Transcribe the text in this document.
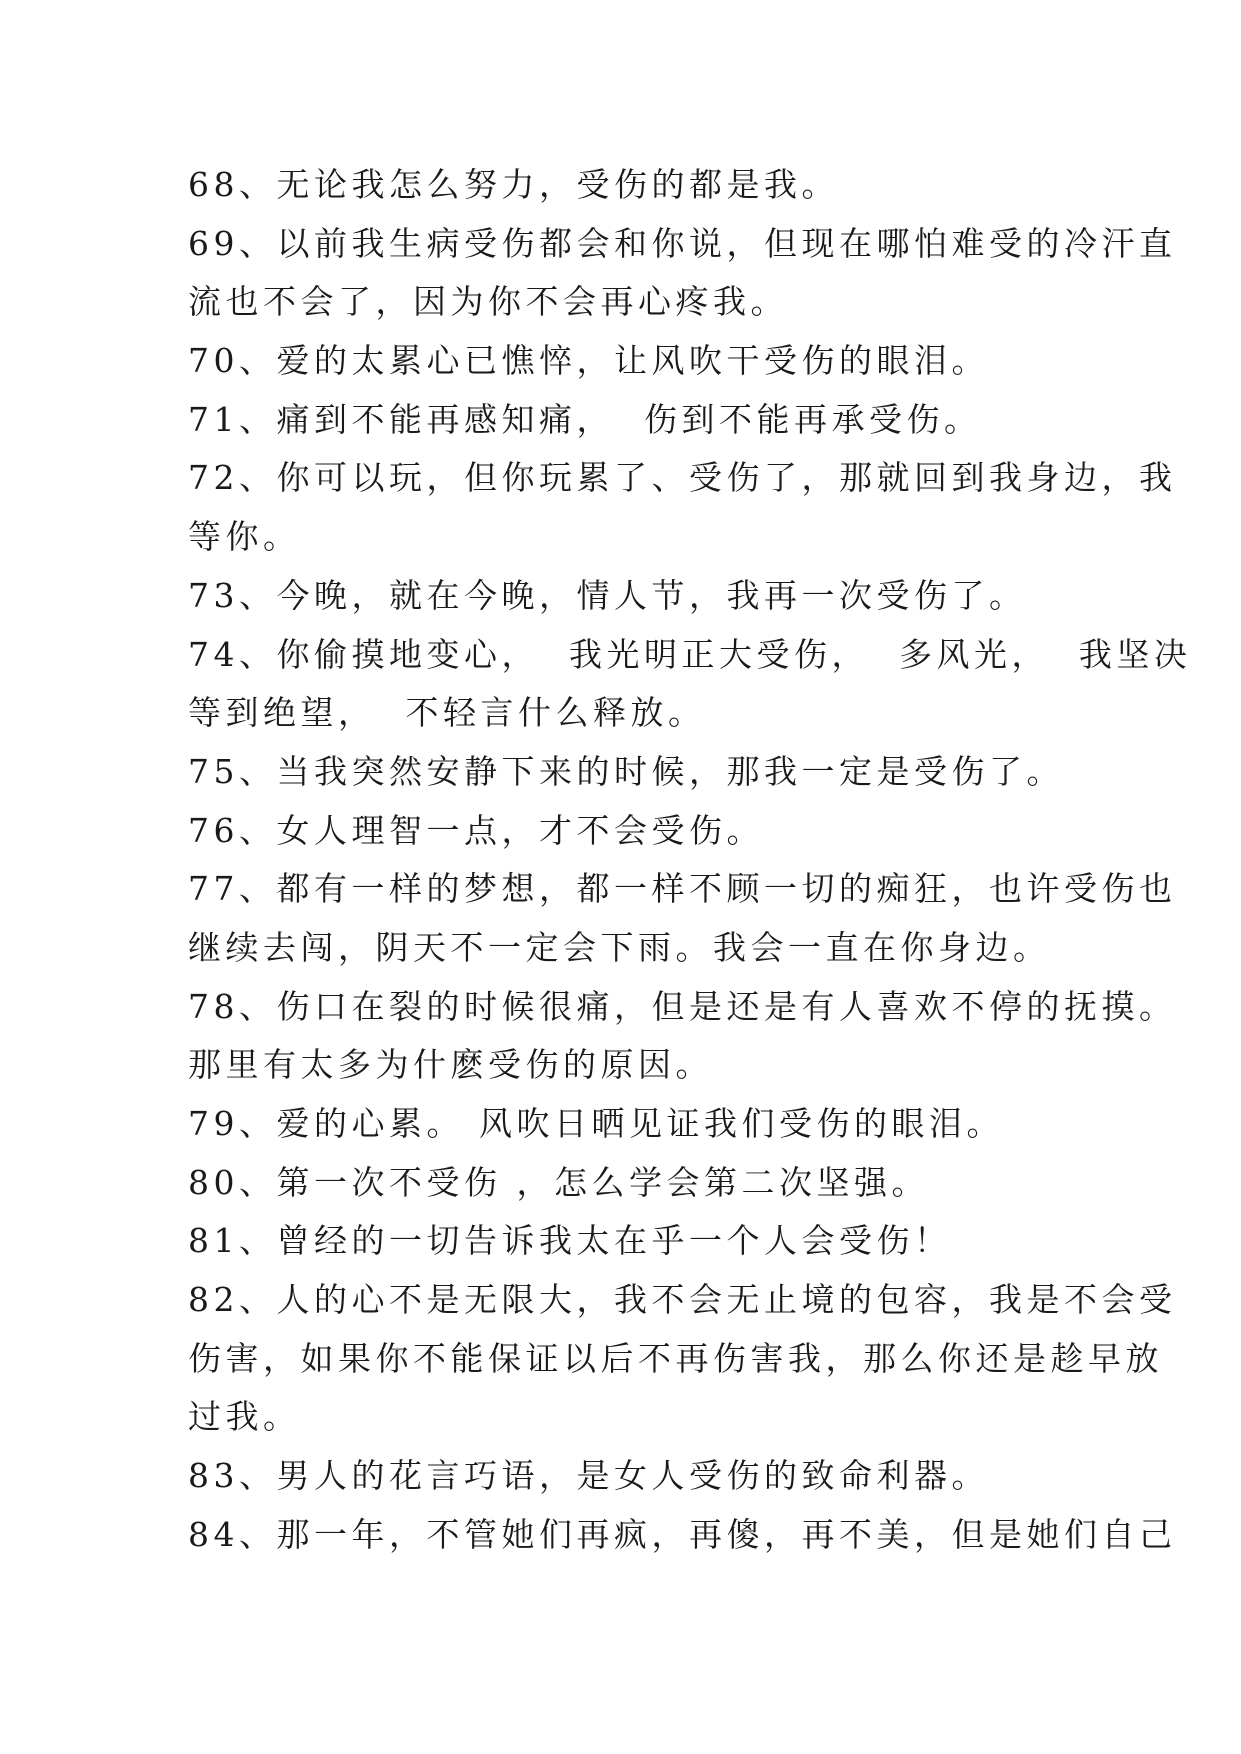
68、无论我怎么努力，受伤的都是我。
69、以前我生病受伤都会和你说，但现在哪怕难受的冷汗直
流也不会了，因为你不会再心疼我。
70、爱的太累心已憔悴，让风吹干受伤的眼泪。
71、痛到不能再感知痛，  伤到不能再承受伤。
72、你可以玩，但你玩累了、受伤了，那就回到我身边，我
等你。
73、今晚，就在今晚，情人节，我再一次受伤了。
74、你偷摸地变心，  我光明正大受伤，  多风光，  我坚决
等到绝望，  不轻言什么释放。
75、当我突然安静下来的时候，那我一定是受伤了。
76、女人理智一点，才不会受伤。
77、都有一样的梦想，都一样不顾一切的痴狂，也许受伤也
继续去闯，阴天不一定会下雨。我会一直在你身边。
78、伤口在裂的时候很痛，但是还是有人喜欢不停的抚摸。
那里有太多为什麽受伤的原因。
79、爱的心累。 风吹日晒见证我们受伤的眼泪。
80、第一次不受伤 ，怎么学会第二次坚强。
81、曾经的一切告诉我太在乎一个人会受伤！
82、人的心不是无限大，我不会无止境的包容，我是不会受
伤害，如果你不能保证以后不再伤害我，那么你还是趁早放
过我。
83、男人的花言巧语，是女人受伤的致命利器。
84、那一年，不管她们再疯，再傻，再不美，但是她们自己
